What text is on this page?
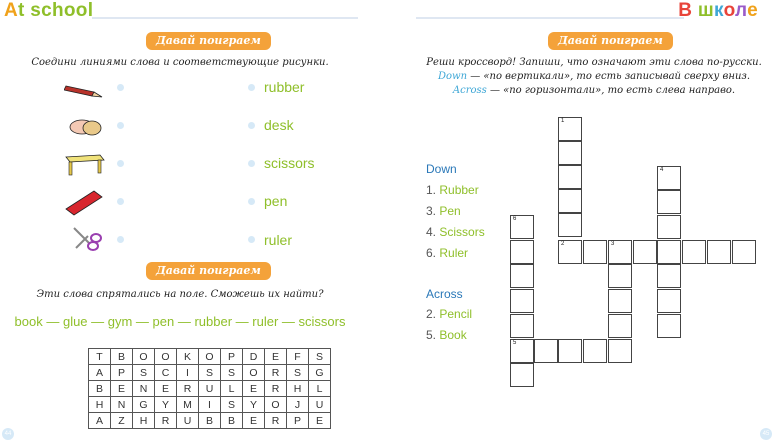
At school	В школе
Давай поиграем
Соедини линиями слова и соответствующие рисунки.
rubber
desk
scissors
pen
ruler
Давай поиграем
Эти слова спрятались на поле. Сможешь их найти?
book — glue — gym — pen — rubber — ruler — scissors
T	B	O	O	K	O	P	D	E	F	S
A	P	S	C	I	S	S	O	R	S	G
B	E	N	E	R	U	L	E	R	H	L
H	N	G	Y	M	I	S	Y	O	J	U
A	Z	H	R	U	B	B	E	R	P	E
44
Давай поиграем
Реши кроссворд! Запиши, что означают эти слова по-русски.
Down — «по вертикали», то есть записывай сверху вниз.
Across — «по горизонтали», то есть слева направо.
Down
1. Rubber
3. Pen
4. Scissors
6. Ruler
Across
2. Pencil
5. Book
1
2	3
4
6
5
45
